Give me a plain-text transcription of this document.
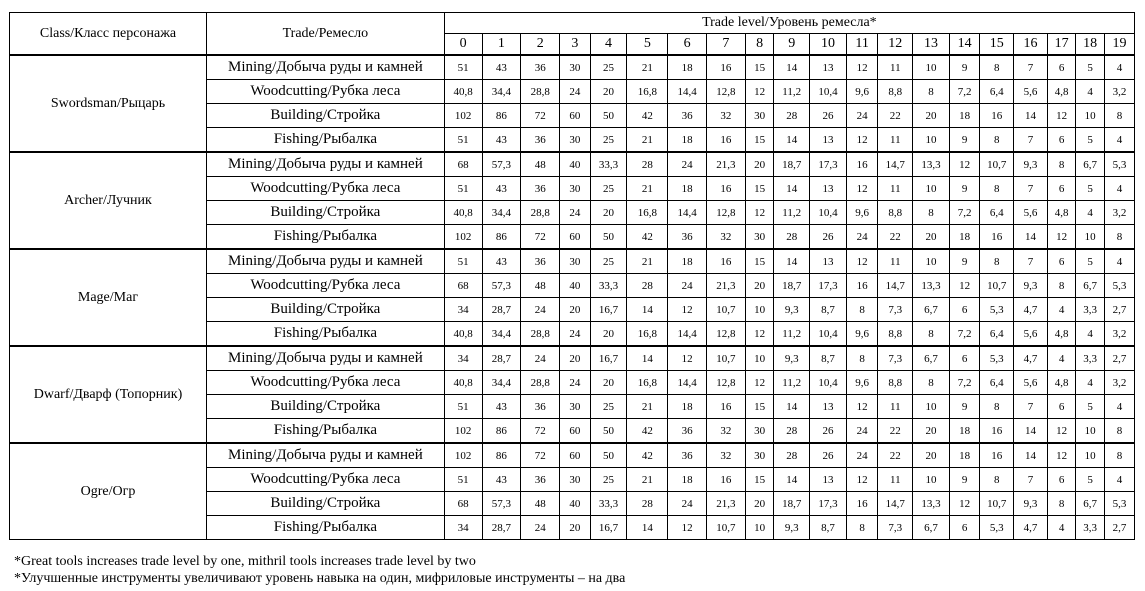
Class/Класс персонажа	Trade/Ремесло	Trade level/Уровень ремесла*																			
		0	1	2	3	4	5	6	7	8	9	10	11	12	13	14	15	16	17	18	19
Swordsman/Рыцарь	Mining/Добыча руды и камней	51	43	36	30	25	21	18	16	15	14	13	12	11	10	9	8	7	6	5	4
	Woodcutting/Рубка леса	40,8	34,4	28,8	24	20	16,8	14,4	12,8	12	11,2	10,4	9,6	8,8	8	7,2	6,4	5,6	4,8	4	3,2
	Building/Стройка	102	86	72	60	50	42	36	32	30	28	26	24	22	20	18	16	14	12	10	8
	Fishing/Рыбалка	51	43	36	30	25	21	18	16	15	14	13	12	11	10	9	8	7	6	5	4
Archer/Лучник	Mining/Добыча руды и камней	68	57,3	48	40	33,3	28	24	21,3	20	18,7	17,3	16	14,7	13,3	12	10,7	9,3	8	6,7	5,3
	Woodcutting/Рубка леса	51	43	36	30	25	21	18	16	15	14	13	12	11	10	9	8	7	6	5	4
	Building/Стройка	40,8	34,4	28,8	24	20	16,8	14,4	12,8	12	11,2	10,4	9,6	8,8	8	7,2	6,4	5,6	4,8	4	3,2
	Fishing/Рыбалка	102	86	72	60	50	42	36	32	30	28	26	24	22	20	18	16	14	12	10	8
Mage/Маг	Mining/Добыча руды и камней	51	43	36	30	25	21	18	16	15	14	13	12	11	10	9	8	7	6	5	4
	Woodcutting/Рубка леса	68	57,3	48	40	33,3	28	24	21,3	20	18,7	17,3	16	14,7	13,3	12	10,7	9,3	8	6,7	5,3
	Building/Стройка	34	28,7	24	20	16,7	14	12	10,7	10	9,3	8,7	8	7,3	6,7	6	5,3	4,7	4	3,3	2,7
	Fishing/Рыбалка	40,8	34,4	28,8	24	20	16,8	14,4	12,8	12	11,2	10,4	9,6	8,8	8	7,2	6,4	5,6	4,8	4	3,2
Dwarf/Дварф (Топорник)	Mining/Добыча руды и камней	34	28,7	24	20	16,7	14	12	10,7	10	9,3	8,7	8	7,3	6,7	6	5,3	4,7	4	3,3	2,7
	Woodcutting/Рубка леса	40,8	34,4	28,8	24	20	16,8	14,4	12,8	12	11,2	10,4	9,6	8,8	8	7,2	6,4	5,6	4,8	4	3,2
	Building/Стройка	51	43	36	30	25	21	18	16	15	14	13	12	11	10	9	8	7	6	5	4
	Fishing/Рыбалка	102	86	72	60	50	42	36	32	30	28	26	24	22	20	18	16	14	12	10	8
Ogre/Огр	Mining/Добыча руды и камней	102	86	72	60	50	42	36	32	30	28	26	24	22	20	18	16	14	12	10	8
	Woodcutting/Рубка леса	51	43	36	30	25	21	18	16	15	14	13	12	11	10	9	8	7	6	5	4
	Building/Стройка	68	57,3	48	40	33,3	28	24	21,3	20	18,7	17,3	16	14,7	13,3	12	10,7	9,3	8	6,7	5,3
	Fishing/Рыбалка	34	28,7	24	20	16,7	14	12	10,7	10	9,3	8,7	8	7,3	6,7	6	5,3	4,7	4	3,3	2,7
*Great tools increases trade level by one, mithril tools increases trade level by two
*Улучшенные инструменты увеличивают уровень навыка на один, мифриловые инструменты – на два
